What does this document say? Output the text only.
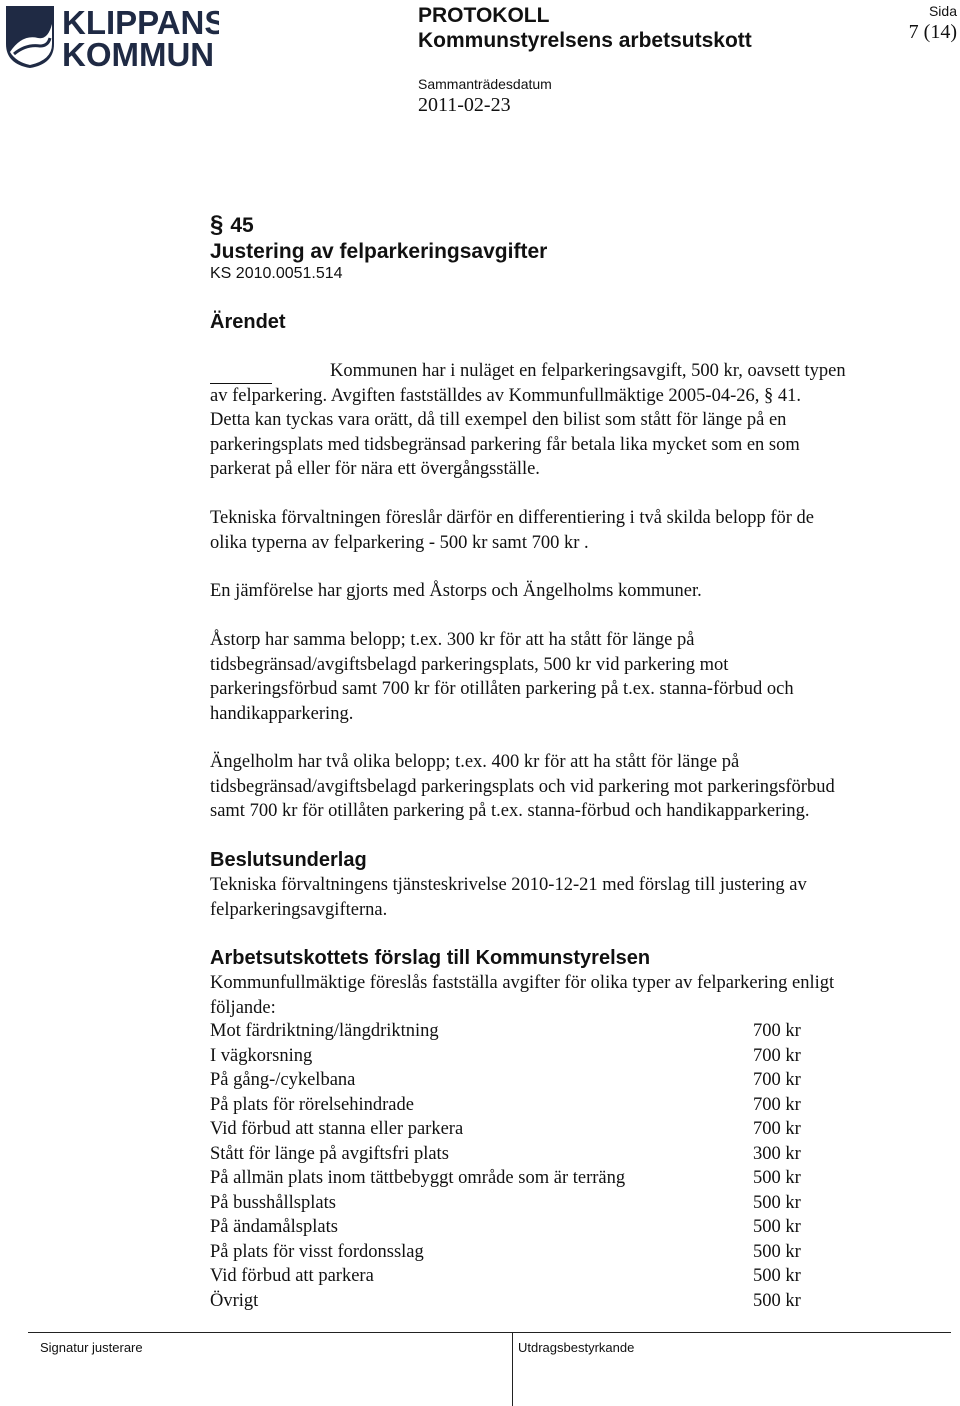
KLIPPANS
KOMMUN
PROTOKOLL
Kommunstyrelsens arbetsutskott
Sammanträdesdatum
2011-02-23
Sida
7 (14)
§ 45
Justering av felparkeringsavgifter
KS 2010.0051.514
Ärendet
Kommunen har i nuläget en felparkeringsavgift, 500 kr, oavsett typen
av felparkering. Avgiften fastställdes av Kommunfullmäktige 2005-04-26, § 41.
Detta kan tyckas vara orätt, då till exempel den bilist som stått för länge på en
parkeringsplats med tidsbegränsad parkering får betala lika mycket som en som
parkerat på eller för nära ett övergångsställe.
Tekniska förvaltningen föreslår därför en differentiering i två skilda belopp för de
olika typerna av felparkering - 500 kr samt 700 kr .
En jämförelse har gjorts med Åstorps och Ängelholms kommuner.
Åstorp har samma belopp; t.ex. 300 kr för att ha stått för länge på
tidsbegränsad/avgiftsbelagd parkeringsplats, 500 kr vid parkering mot
parkeringsförbud samt 700 kr för otillåten parkering på t.ex. stanna-förbud och
handikapparkering.
Ängelholm har två olika belopp; t.ex. 400 kr för att ha stått för länge på
tidsbegränsad/avgiftsbelagd parkeringsplats och vid parkering mot parkeringsförbud
samt 700 kr för otillåten parkering på t.ex. stanna-förbud och handikapparkering.
Beslutsunderlag
Tekniska förvaltningens tjänsteskrivelse 2010-12-21 med förslag till justering av
felparkeringsavgifterna.
Arbetsutskottets förslag till Kommunstyrelsen
Kommunfullmäktige föreslås fastställa avgifter för olika typer av felparkering enligt
följande:
Mot färdriktning/längdriktning	700 kr
I vägkorsning	700 kr
På gång-/cykelbana	700 kr
På plats för rörelsehindrade	700 kr
Vid förbud att stanna eller parkera	700 kr
Stått för länge på avgiftsfri plats	300 kr
På allmän plats inom tättbebyggt område som är terräng	500 kr
På busshållsplats	500 kr
På ändamålsplats	500 kr
På plats för visst fordonsslag	500 kr
Vid förbud att parkera	500 kr
Övrigt	500 kr
Signatur justerare	Utdragsbestyrkande
